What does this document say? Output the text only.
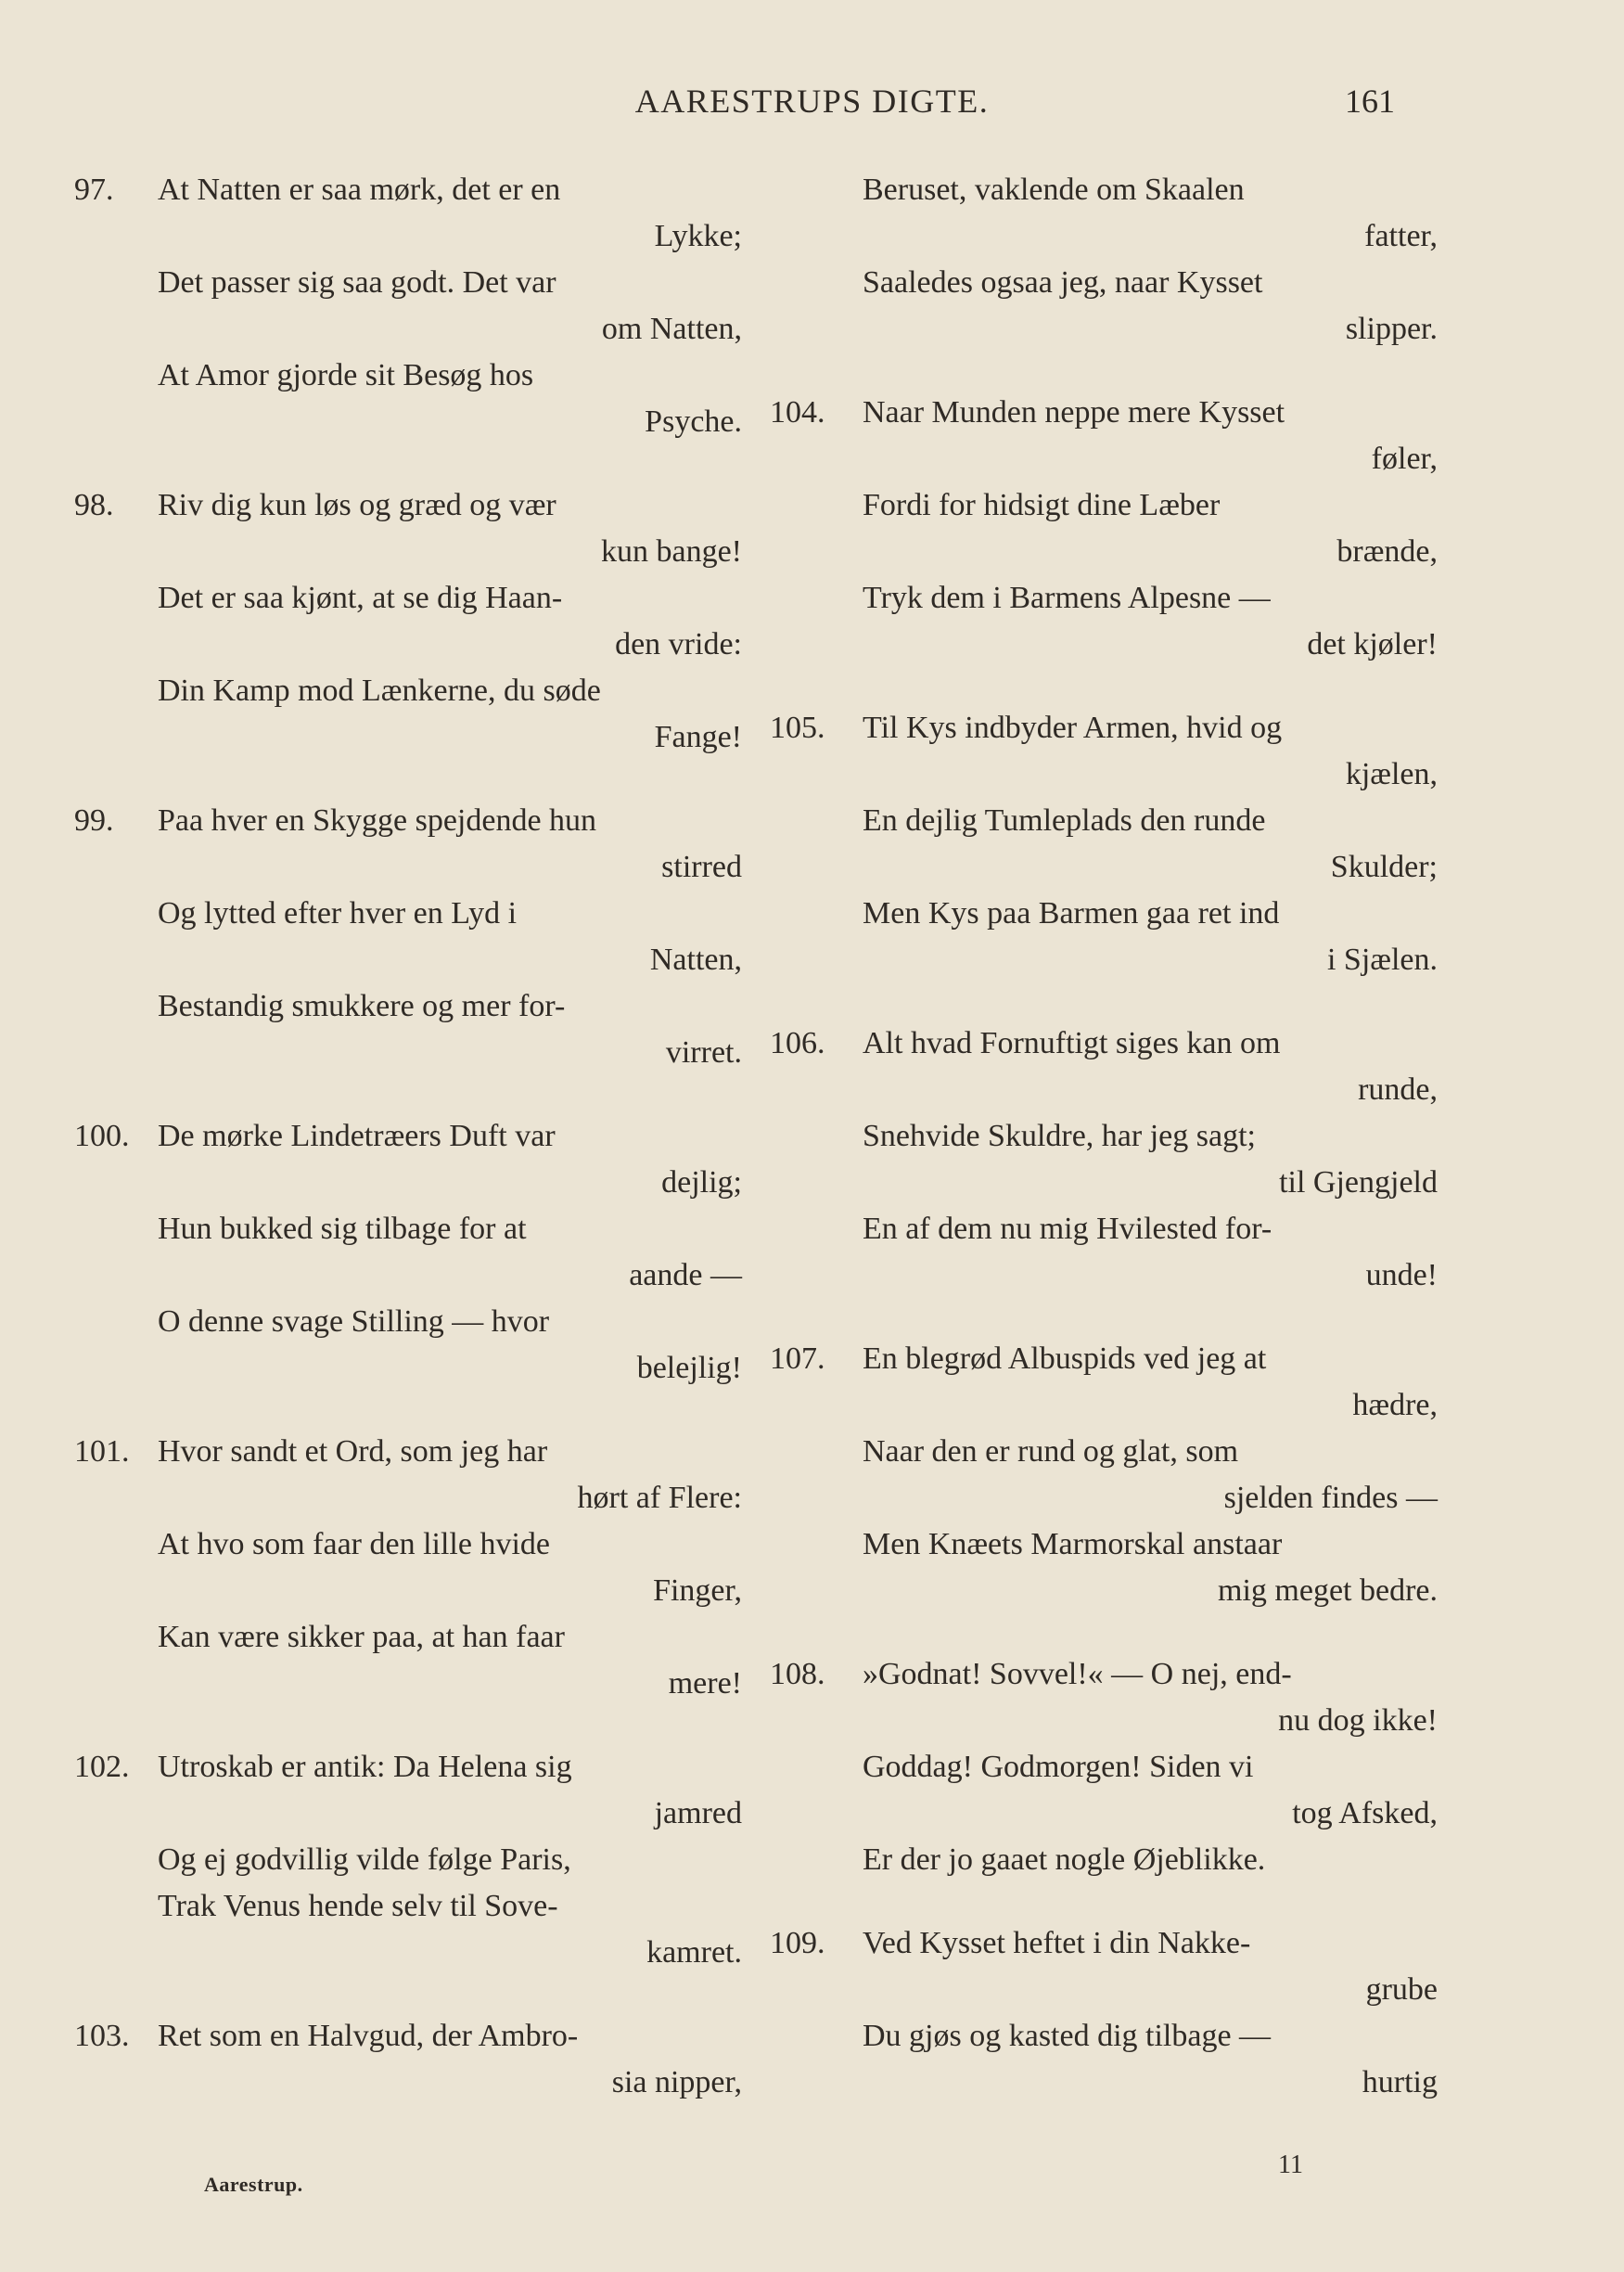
AARESTRUPS DIGTE.	161
97. At Natten er saa mørk, det er en
Lykke;
Det passer sig saa godt. Det var
om Natten,
At Amor gjorde sit Besøg hos
Psyche.
98. Riv dig kun løs og græd og vær
kun bange!
Det er saa kjønt, at se dig Haan-
den vride:
Din Kamp mod Lænkerne, du søde
Fange!
99. Paa hver en Skygge spejdende hun
stirred
Og lytted efter hver en Lyd i
Natten,
Bestandig smukkere og mer for-
virret.
100. De mørke Lindetræers Duft var
dejlig;
Hun bukked sig tilbage for at
aande —
O denne svage Stilling — hvor
belejlig!
101. Hvor sandt et Ord, som jeg har
hørt af Flere:
At hvo som faar den lille hvide
Finger,
Kan være sikker paa, at han faar
mere!
102. Utroskab er antik: Da Helena sig
jamred
Og ej godvillig vilde følge Paris,
Trak Venus hende selv til Sove-
kamret.
103. Ret som en Halvgud, der Ambro-
sia nipper,
Beruset, vaklende om Skaalen
fatter,
Saaledes ogsaa jeg, naar Kysset
slipper.
104. Naar Munden neppe mere Kysset
føler,
Fordi for hidsigt dine Læber
brænde,
Tryk dem i Barmens Alpesne —
det kjøler!
105. Til Kys indbyder Armen, hvid og
kjælen,
En dejlig Tumleplads den runde
Skulder;
Men Kys paa Barmen gaa ret ind
i Sjælen.
106. Alt hvad Fornuftigt siges kan om
runde,
Snehvide Skuldre, har jeg sagt;
til Gjengjeld
En af dem nu mig Hvilested for-
unde!
107. En blegrød Albuspids ved jeg at
hædre,
Naar den er rund og glat, som
sjelden findes —
Men Knæets Marmorskal anstaar
mig meget bedre.
108. »Godnat! Sovvel!« — O nej, end-
nu dog ikke!
Goddag! Godmorgen! Siden vi
tog Afsked,
Er der jo gaaet nogle Øjeblikke.
109. Ved Kysset heftet i din Nakke-
grube
Du gjøs og kasted dig tilbage —
hurtig
Aarestrup.
11
